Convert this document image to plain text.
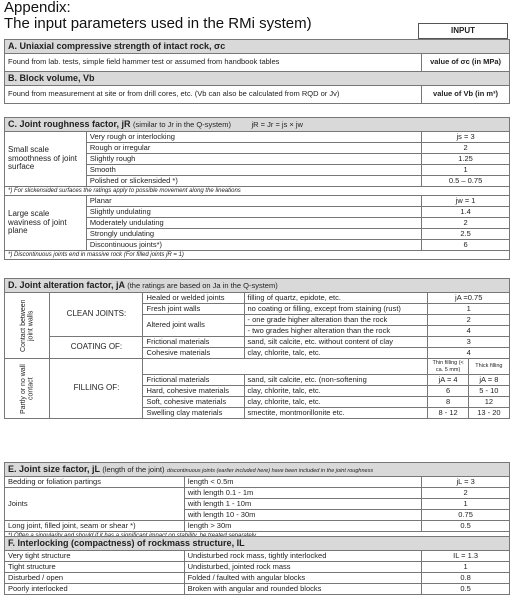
Appendix:
The input parameters used in the RMi system)	INPUT
A. Uniaxial compressive strength of intact rock, σc	
Found from lab. tests, simple field hammer test or assumed from handbook tables	value of σc (in MPa)
B. Block volume, Vb	
Found from measurement at site or from drill cores, etc. (Vb can also be calculated from RQD or Jv)	value of Vb (in m³)
C. Joint roughness factor, jR (similar to Jr in the Q-system) jR = Jr = js × jw		
Small scale smoothness of joint surface	Very rough or interlocking	js = 3
	Rough or irregular	2
	Slightly rough	1.25
	Smooth	1
	Polished or slickensided *)	0.5 – 0.75
*) For slickensided surfaces the ratings apply to possible movement along the lineations		
Large scale waviness of joint plane	Planar	jw = 1
	Slightly undulating	1.4
	Moderately undulating	2
	Strongly undulating	2.5
	Discontinuous joints*)	6
*) Discontinuous joints end in massive rock (For filled joints jR = 1)		
D. Joint alteration factor, jA (the ratings are based on Ja in the Q-system)					
Contact between joint walls	CLEAN JOINTS:	Healed or welded joints	filling of quartz, epidote, etc.	jA =0.75	
		Fresh joint walls	no coating or filling, except from staining (rust)	1	
		Altered joint walls	- one grade higher alteration than the rock	2	
			- two grades higher alteration than the rock	4	
	COATING OF:	Frictional materials	sand, silt calcite, etc. without content of clay	3	
		Cohesive materials	clay, chlorite, talc, etc.	4	
Partly or no wall contact	FILLING OF:			Thin filling (< ca. 5 mm)	Thick filling
		Frictional materials	sand, silt calcite, etc. (non-softening	jA = 4	jA = 8
		Hard, cohesive materials	clay, chlorite, talc, etc.	6	5 - 10
		Soft, cohesive materials	clay, chlorite, talc, etc.	8	12
		Swelling clay materials	smectite, montmorillonite etc.	8 - 12	13 - 20
E. Joint size factor, jL (length of the joint) discontinuous joints (earlier included here) have been included in the joint roughness		
Bedding or foliation partings	length < 0.5m	jL = 3
	with length 0.1 - 1m	2
Joints	with length 1 - 10m	1
	with length 10 - 30m	0.75
Long joint, filled joint, seam or shear *)	length > 30m	0.5

F. Interlocking (compactness) of rockmass structure, IL		
Very tight structure	Undisturbed rock mass, tightly interlocked	IL = 1.3
Tight structure	Undisturbed, jointed rock mass	1
Disturbed / open	Folded / faulted with angular blocks	0.8
Poorly interlocked	Broken with angular and rounded blocks	0.5
